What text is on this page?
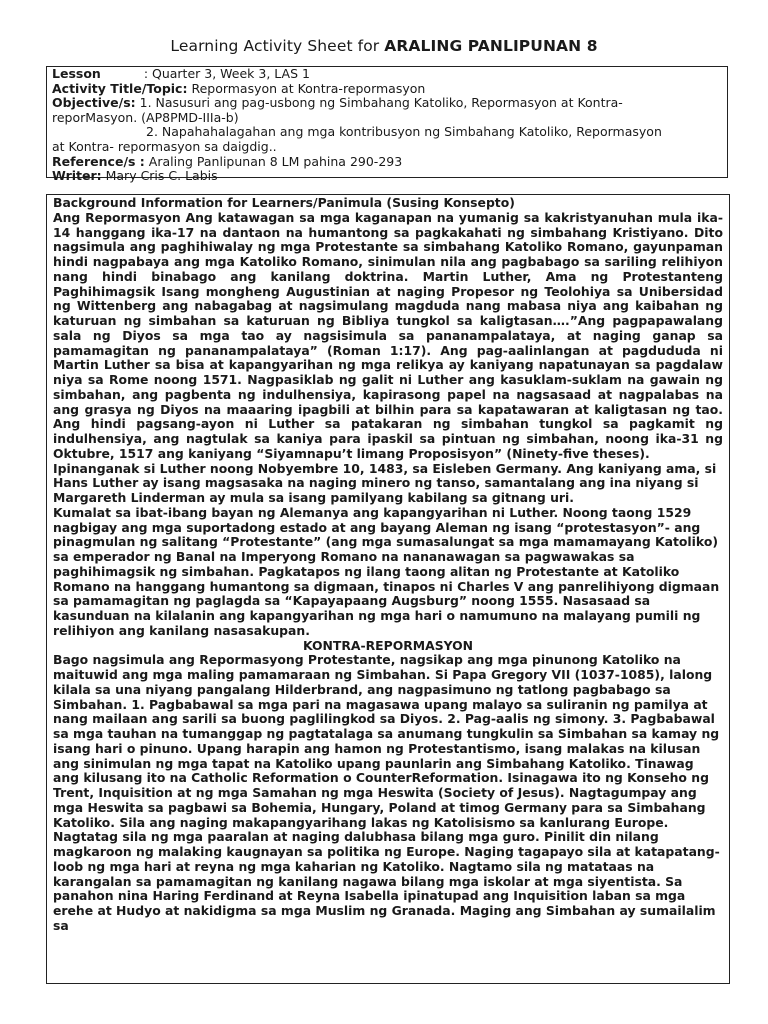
Learning Activity Sheet for ARALING PANLIPUNAN 8
Lesson	: Quarter 3, Week 3, LAS 1
Activity Title/Topic: Repormasyon at Kontra-repormasyon
Objective/s: 1. Nasusuri ang pag-usbong ng Simbahang Katoliko, Repormasyon at Kontra-
reporMasyon. (AP8PMD-IIIa-b)
2. Napahahalagahan ang mga kontribusyon ng Simbahang Katoliko, Repormasyon
at Kontra- repormasyon sa daigdig..
Reference/s : Araling Panlipunan 8 LM pahina 290-293
Writer: Mary Cris C. Labis
Background Information for Learners/Panimula (Susing Konsepto)

Ang Repormasyon Ang katawagan sa mga kaganapan na yumanig sa kakristyanuhan mula ika-14 hanggang ika-17 na dantaon na humantong sa pagkakahati ng simbahang Kristiyano. Dito nagsimula ang paghihiwalay ng mga Protestante sa simbahang Katoliko Romano, gayunpaman hindi nagpabaya ang mga Katoliko Romano, sinimulan nila ang pagbabago sa sariling relihiyon nang hindi binabago ang kanilang doktrina. Martin Luther, Ama ng Protestanteng Paghihimagsik Isang mongheng Augustinian at naging Propesor ng Teolohiya sa Unibersidad ng Wittenberg ang nabagabag at nagsimulang magduda nang mabasa niya ang kaibahan ng katuruan ng simbahan sa katuruan ng Bibliya tungkol sa kaligtasan….”Ang pagpapawalang sala ng Diyos sa mga tao ay nagsisimula sa pananampalataya, at naging ganap sa pamamagitan ng pananampalataya” (Roman 1:17). Ang pag-aalinlangan at pagdududa ni Martin Luther sa bisa at kapangyarihan ng mga relikya ay kaniyang napatunayan sa pagdalaw niya sa Rome noong 1571. Nagpasiklab ng galit ni Luther ang kasuklam-suklam na gawain ng simbahan, ang pagbenta ng indulhensiya, kapirasong papel na nagsasaad at nagpalabas na ang grasya ng Diyos na maaaring ipagbili at bilhin para sa kapatawaran at kaligtasan ng tao. Ang hindi pagsang-ayon ni Luther sa patakaran ng simbahan tungkol sa pagkamit ng indulhensiya, ang nagtulak sa kaniya para ipaskil sa pintuan ng simbahan, noong ika-31 ng Oktubre, 1517 ang kaniyang “Siyamnapu’t limang Proposisyon” (Ninety-five theses).

Ipinanganak si Luther noong Nobyembre 10, 1483, sa Eisleben Germany. Ang kaniyang ama, si Hans Luther ay isang magsasaka na naging minero ng tanso, samantalang ang ina niyang si Margareth Linderman ay mula sa isang pamilyang kabilang sa gitnang uri.

Kumalat sa ibat-ibang bayan ng Alemanya ang kapangyarihan ni Luther. Noong taong 1529 nagbigay ang mga suportadong estado at ang bayang Aleman ng isang “protestasyon”- ang pinagmulan ng salitang “Protestante” (ang mga sumasalungat sa mga mamamayang Katoliko) sa emperador ng Banal na Imperyong Romano na nananawagan sa pagwawakas sa paghihimagsik ng simbahan. Pagkatapos ng ilang taong alitan ng Protestante at Katoliko Romano na hanggang humantong sa digmaan, tinapos ni Charles V ang panrelihiyong digmaan sa pamamagitan ng paglagda sa “Kapayapaang Augsburg” noong 1555. Nasasaad sa kasunduan na kilalanin ang kapangyarihan ng mga hari o namumuno na malayang pumili ng relihiyon ang kanilang nasasakupan.

KONTRA-REPORMASYON

Bago nagsimula ang Repormasyong Protestante, nagsikap ang mga pinunong Katoliko na maituwid ang mga maling pamamaraan ng Simbahan. Si Papa Gregory VII (1037-1085), lalong kilala sa una niyang pangalang Hilderbrand, ang nagpasimuno ng tatlong pagbabago sa Simbahan. 1. Pagbabawal sa mga pari na magasawa upang malayo sa suliranin ng pamilya at nang mailaan ang sarili sa buong paglilingkod sa Diyos. 2. Pag-aalis ng simony. 3. Pagbabawal sa mga tauhan na tumanggap ng pagtatalaga sa anumang tungkulin sa Simbahan sa kamay ng isang hari o pinuno. Upang harapin ang hamon ng Protestantismo, isang malakas na kilusan ang sinimulan ng mga tapat na Katoliko upang paunlarin ang Simbahang Katoliko. Tinawag ang kilusang ito na Catholic Reformation o CounterReformation. Isinagawa ito ng Konseho ng Trent, Inquisition at ng mga Samahan ng mga Heswita (Society of Jesus). Nagtagumpay ang mga Heswita sa pagbawi sa Bohemia, Hungary, Poland at timog Germany para sa Simbahang Katoliko. Sila ang naging makapangyarihang lakas ng Katolisismo sa kanlurang Europe. Nagtatag sila ng mga paaralan at naging dalubhasa bilang mga guro. Pinilit din nilang magkaroon ng malaking kaugnayan sa politika ng Europe. Naging tagapayo sila at katapatang-loob ng mga hari at reyna ng mga kaharian ng Katoliko. Nagtamo sila ng matataas na karangalan sa pamamagitan ng kanilang nagawa bilang mga iskolar at mga siyentista. Sa panahon nina Haring Ferdinand at Reyna Isabella ipinatupad ang Inquisition laban sa mga erehe at Hudyo at nakidigma sa mga Muslim ng Granada. Maging ang Simbahan ay sumailalim sa
